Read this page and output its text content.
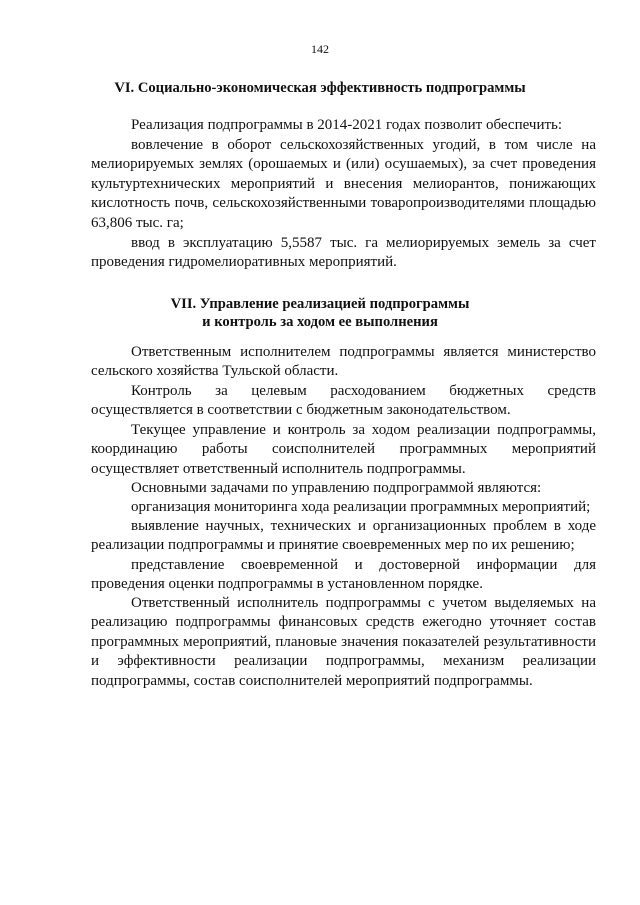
142
VI. Социально-экономическая эффективность подпрограммы

Реализация подпрограммы в 2014-2021 годах позволит обеспечить:

вовлечение в оборот сельскохозяйственных угодий, в том числе на мелиорируемых землях (орошаемых и (или) осушаемых), за счет проведения культуртехнических мероприятий и внесения мелиорантов, понижающих кислотность почв, сельскохозяйственными товаропроизводителями площадью 63,806 тыс. га;

ввод в эксплуатацию 5,5587 тыс. га мелиорируемых земель за счет проведения гидромелиоративных мероприятий.

VII. Управление реализацией подпрограммы
и контроль за ходом ее выполнения

Ответственным исполнителем подпрограммы является министерство сельского хозяйства Тульской области.

Контроль за целевым расходованием бюджетных средств осуществляется в соответствии с бюджетным законодательством.

Текущее управление и контроль за ходом реализации подпрограммы, координацию работы соисполнителей программных мероприятий осуществляет ответственный исполнитель подпрограммы.

Основными задачами по управлению подпрограммой являются:

организация мониторинга хода реализации программных мероприятий;

выявление научных, технических и организационных проблем в ходе реализации подпрограммы и принятие своевременных мер по их решению;

представление своевременной и достоверной информации для проведения оценки подпрограммы в установленном порядке.

Ответственный исполнитель подпрограммы с учетом выделяемых на реализацию подпрограммы финансовых средств ежегодно уточняет состав программных мероприятий, плановые значения показателей результативности и эффективности реализации подпрограммы, механизм реализации подпрограммы, состав соисполнителей мероприятий подпрограммы.
